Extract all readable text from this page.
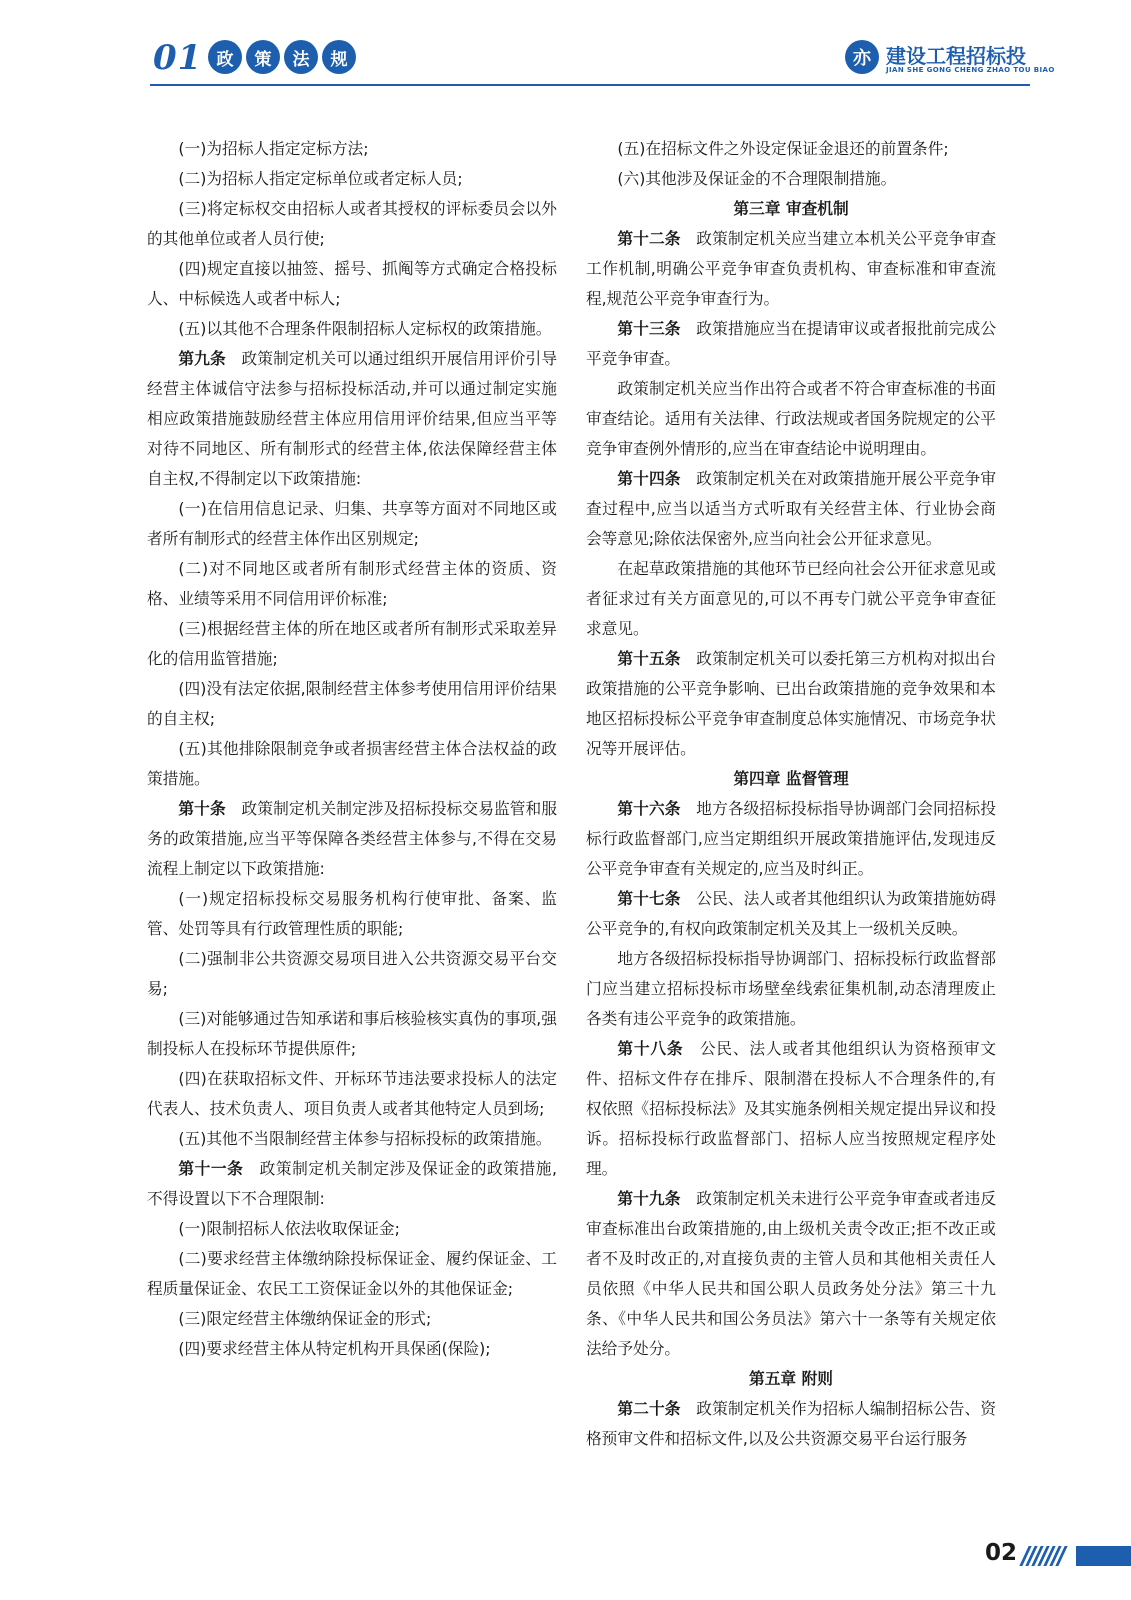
01 政	策	法	规	亦 建设工程招标投
JIAN SHE GONG CHENG ZHAO TOU BIAO

(一)为招标人指定定标方法;

(二)为招标人指定定标单位或者定标人员;

(三)将定标权交由招标人或者其授权的评标委员会以外的其他单位或者人员行使;

(四)规定直接以抽签、摇号、抓阄等方式确定合格投标人、中标候选人或者中标人;

(五)以其他不合理条件限制招标人定标权的政策措施。

第九条  政策制定机关可以通过组织开展信用评价引导经营主体诚信守法参与招标投标活动,并可以通过制定实施相应政策措施鼓励经营主体应用信用评价结果,但应当平等对待不同地区、所有制形式的经营主体,依法保障经营主体自主权,不得制定以下政策措施:

(一)在信用信息记录、归集、共享等方面对不同地区或者所有制形式的经营主体作出区别规定;

(二)对不同地区或者所有制形式经营主体的资质、资格、业绩等采用不同信用评价标准;

(三)根据经营主体的所在地区或者所有制形式采取差异化的信用监管措施;

(四)没有法定依据,限制经营主体参考使用信用评价结果的自主权;

(五)其他排除限制竞争或者损害经营主体合法权益的政策措施。

第十条  政策制定机关制定涉及招标投标交易监管和服务的政策措施,应当平等保障各类经营主体参与,不得在交易流程上制定以下政策措施:

(一)规定招标投标交易服务机构行使审批、备案、监管、处罚等具有行政管理性质的职能;

(二)强制非公共资源交易项目进入公共资源交易平台交易;

(三)对能够通过告知承诺和事后核验核实真伪的事项,强制投标人在投标环节提供原件;

(四)在获取招标文件、开标环节违法要求投标人的法定代表人、技术负责人、项目负责人或者其他特定人员到场;

(五)其他不当限制经营主体参与招标投标的政策措施。

第十一条  政策制定机关制定涉及保证金的政策措施,不得设置以下不合理限制:

(一)限制招标人依法收取保证金;

(二)要求经营主体缴纳除投标保证金、履约保证金、工程质量保证金、农民工工资保证金以外的其他保证金;

(三)限定经营主体缴纳保证金的形式;

(四)要求经营主体从特定机构开具保函(保险);

(五)在招标文件之外设定保证金退还的前置条件;

(六)其他涉及保证金的不合理限制措施。

第三章 审查机制

第十二条  政策制定机关应当建立本机关公平竞争审查工作机制,明确公平竞争审查负责机构、审查标准和审查流程,规范公平竞争审查行为。

第十三条  政策措施应当在提请审议或者报批前完成公平竞争审查。

政策制定机关应当作出符合或者不符合审查标准的书面审查结论。适用有关法律、行政法规或者国务院规定的公平竞争审查例外情形的,应当在审查结论中说明理由。

第十四条  政策制定机关在对政策措施开展公平竞争审查过程中,应当以适当方式听取有关经营主体、行业协会商会等意见;除依法保密外,应当向社会公开征求意见。

在起草政策措施的其他环节已经向社会公开征求意见或者征求过有关方面意见的,可以不再专门就公平竞争审查征求意见。

第十五条  政策制定机关可以委托第三方机构对拟出台政策措施的公平竞争影响、已出台政策措施的竞争效果和本地区招标投标公平竞争审查制度总体实施情况、市场竞争状况等开展评估。

第四章 监督管理

第十六条  地方各级招标投标指导协调部门会同招标投标行政监督部门,应当定期组织开展政策措施评估,发现违反公平竞争审查有关规定的,应当及时纠正。

第十七条  公民、法人或者其他组织认为政策措施妨碍公平竞争的,有权向政策制定机关及其上一级机关反映。

地方各级招标投标指导协调部门、招标投标行政监督部门应当建立招标投标市场壁垒线索征集机制,动态清理废止各类有违公平竞争的政策措施。

第十八条  公民、法人或者其他组织认为资格预审文件、招标文件存在排斥、限制潜在投标人不合理条件的,有权依照《招标投标法》及其实施条例相关规定提出异议和投诉。招标投标行政监督部门、招标人应当按照规定程序处理。

第十九条  政策制定机关未进行公平竞争审查或者违反审查标准出台政策措施的,由上级机关责令改正;拒不改正或者不及时改正的,对直接负责的主管人员和其他相关责任人员依照《中华人民共和国公职人员政务处分法》第三十九条、《中华人民共和国公务员法》第六十一条等有关规定依法给予处分。

第五章 附则

第二十条  政策制定机关作为招标人编制招标公告、资格预审文件和招标文件,以及公共资源交易平台运行服务

02
